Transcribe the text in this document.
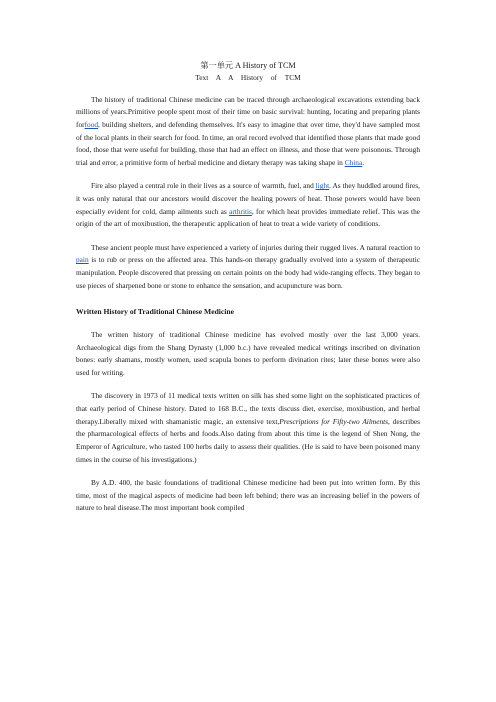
第一单元 A History of TCM
Text A A History of TCM

The history of traditional Chinese medicine can be traced through archaeological excavations extending back millions of years.Primitive people spent most of their time on basic survival: hunting, locating and preparing plants forfood, building shelters, and defending themselves. It's easy to imagine that over time, they'd have sampled most of the local plants in their search for food. In time, an oral record evolved that identified those plants that made good food, those that were useful for building, those that had an effect on illness, and those that were poisonous. Through trial and error, a primitive form of herbal medicine and dietary therapy was taking shape in China.

Fire also played a central role in their lives as a source of warmth, fuel, and light. As they huddled around fires, it was only natural that our ancestors would discover the healing powers of heat. Those powers would have been especially evident for cold, damp ailments such as arthritis, for which heat provides immediate relief. This was the origin of the art of moxibustion, the therapeutic application of heat to treat a wide variety of conditions.

These ancient people must have experienced a variety of injuries during their rugged lives. A natural reaction to pain is to rub or press on the affected area. This hands-on therapy gradually evolved into a system of therapeutic manipulation. People discovered that pressing on certain points on the body had wide-ranging effects. They began to use pieces of sharpened bone or stone to enhance the sensation, and acupuncture was born.

Written History of Traditional Chinese Medicine

The written history of traditional Chinese medicine has evolved mostly over the last 3,000 years. Archaeological digs from the Shang Dynasty (1,000 b.c.) have revealed medical writings inscribed on divination bones: early shamans, mostly women, used scapula bones to perform divination rites; later these bones were also used for writing.

The discovery in 1973 of 11 medical texts written on silk has shed some light on the sophisticated practices of that early period of Chinese history. Dated to 168 B.C., the texts discuss diet, exercise, moxibustion, and herbal therapy.Liberally mixed with shamanistic magic, an extensive text,Prescriptions for Fifty-two Ailments, describes the pharmacological effects of herbs and foods.Also dating from about this time is the legend of Shen Nong, the Emperor of Agriculture, who tasted 100 herbs daily to assess their qualities. (He is said to have been poisoned many times in the course of his investigations.)

By A.D. 400, the basic foundations of traditional Chinese medicine had been put into written form. By this time, most of the magical aspects of medicine had been left behind; there was an increasing belief in the powers of nature to heal disease.The most important book compiled
